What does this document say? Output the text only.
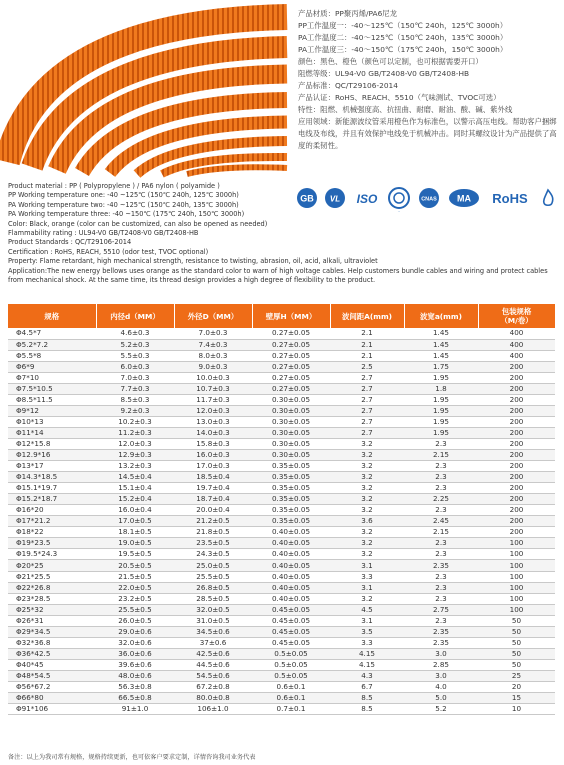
产品材质：PP聚丙烯/PA6尼龙
PP工作温度一：-40～125℃（150℃ 240h，125℃ 3000h）
PA工作温度二：-40～125℃（150℃ 240h，135℃ 3000h）
PA工作温度三：-40～150℃（175℃ 240h，150℃ 3000h）
颜色：黑色、橙色（颜色可以定制，也可根据需要开口）
阻燃等级：UL94-V0 GB/T2408-V0 GB/T2408-HB
产品标准：QC/T29106-2014
产品认证：RoHS、REACH、5510（气味测试、TVOC可选）
特性：阻燃、机械强度高、抗扭曲、耐磨、耐油、酸、碱、紫外线
应用领域：新能源波纹管采用橙色作为标准色，以警示高压电线。帮助客户捆绑电线及布线，并且有效保护电线免于机械冲击。同时其螺纹设计为产品提供了高度的柔韧性。
GB VL ISO
CQC
CNAS MA RoHS
Product material : PP ( Polypropylene ) / PA6 nylon ( polyamide )
PP Working temperature one: -40 ~125℃ (150℃ 240h, 125℃ 3000h)
PA Working temperature two: -40 ~125℃ (150℃ 240h, 135℃ 3000h)
PA Working temperature three: -40 ~150℃ (175℃ 240h, 150℃ 3000h)
Color: Black, orange (color can be customized, can also be opened as needed)
Flammability rating : UL94-V0 GB/T2408-V0 GB/T2408-HB
Product Standards : QC/T29106-2014
Certification : RoHS, REACH, 5510 (odor test, TVOC optional)
Property: Flame retardant, high mechanical strength, resistance to twisting, abrasion, oil, acid, alkali, ultraviolet
Application:The new energy bellows uses orange as the standard color to warn of high voltage cables. Help customers bundle cables and wiring and protect cables from mechanical shock. At the same time, its thread design provides a high degree of flexibility to the product.
规格	内径d（MM）	外径D（MM）	壁厚H（MM）	波间距A(mm)	波宽a(mm)	包装规格
（M/卷）
Φ4.5*7	4.6±0.3	7.0±0.3	0.27±0.05	2.1	1.45	400
Φ5.2*7.2	5.2±0.3	7.4±0.3	0.27±0.05	2.1	1.45	400
Φ5.5*8	5.5±0.3	8.0±0.3	0.27±0.05	2.1	1.45	400
Φ6*9	6.0±0.3	9.0±0.3	0.27±0.05	2.5	1.75	200
Φ7*10	7.0±0.3	10.0±0.3	0.27±0.05	2.7	1.95	200
Φ7.5*10.5	7.7±0.3	10.7±0.3	0.27±0.05	2.7	1.8	200
Φ8.5*11.5	8.5±0.3	11.7±0.3	0.30±0.05	2.7	1.95	200
Φ9*12	9.2±0.3	12.0±0.3	0.30±0.05	2.7	1.95	200
Φ10*13	10.2±0.3	13.0±0.3	0.30±0.05	2.7	1.95	200
Φ11*14	11.2±0.3	14.0±0.3	0.30±0.05	2.7	1.95	200
Φ12*15.8	12.0±0.3	15.8±0.3	0.30±0.05	3.2	2.3	200
Φ12.9*16	12.9±0.3	16.0±0.3	0.30±0.05	3.2	2.15	200
Φ13*17	13.2±0.3	17.0±0.3	0.35±0.05	3.2	2.3	200
Φ14.3*18.5	14.5±0.4	18.5±0.4	0.35±0.05	3.2	2.3	200
Φ15.1*19.7	15.1±0.4	19.7±0.4	0.35±0.05	3.2	2.3	200
Φ15.2*18.7	15.2±0.4	18.7±0.4	0.35±0.05	3.2	2.25	200
Φ16*20	16.0±0.4	20.0±0.4	0.35±0.05	3.2	2.3	200
Φ17*21.2	17.0±0.5	21.2±0.5	0.35±0.05	3.6	2.45	200
Φ18*22	18.1±0.5	21.8±0.5	0.40±0.05	3.2	2.15	200
Φ19*23.5	19.0±0.5	23.5±0.5	0.40±0.05	3.2	2.3	100
Φ19.5*24.3	19.5±0.5	24.3±0.5	0.40±0.05	3.2	2.3	100
Φ20*25	20.5±0.5	25.0±0.5	0.40±0.05	3.1	2.35	100
Φ21*25.5	21.5±0.5	25.5±0.5	0.40±0.05	3.3	2.3	100
Φ22*26.8	22.0±0.5	26.8±0.5	0.40±0.05	3.1	2.3	100
Φ23*28.5	23.2±0.5	28.5±0.5	0.40±0.05	3.2	2.3	100
Φ25*32	25.5±0.5	32.0±0.5	0.45±0.05	4.5	2.75	100
Φ26*31	26.0±0.5	31.0±0.5	0.45±0.05	3.1	2.3	50
Φ29*34.5	29.0±0.6	34.5±0.6	0.45±0.05	3.5	2.35	50
Φ32*36.8	32.0±0.6	37±0.6	0.45±0.05	3.3	2.35	50
Φ36*42.5	36.0±0.6	42.5±0.6	0.5±0.05	4.15	3.0	50
Φ40*45	39.6±0.6	44.5±0.6	0.5±0.05	4.15	2.85	50
Φ48*54.5	48.0±0.6	54.5±0.6	0.5±0.05	4.3	3.0	25
Φ56*67.2	56.3±0.8	67.2±0.8	0.6±0.1	6.7	4.0	20
Φ66*80	66.5±0.8	80.0±0.8	0.6±0.1	8.5	5.0	15
Φ91*106	91±1.0	106±1.0	0.7±0.1	8.5	5.2	10
备注：以上为我司常有规格，规格持续更新，也可依客户要求定制，详情咨询我司业务代表
